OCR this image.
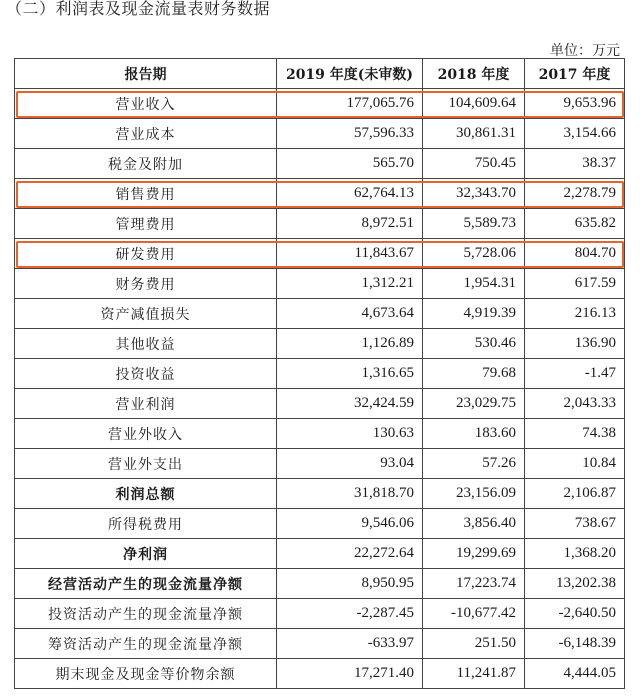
（二）利润表及现金流量表财务数据
单位：万元
报告期	2019 年度(未审数)	2018 年度	2017 年度
营业收入	177,065.76	104,609.64	9,653.96
营业成本	57,596.33	30,861.31	3,154.66
税金及附加	565.70	750.45	38.37
销售费用	62,764.13	32,343.70	2,278.79
管理费用	8,972.51	5,589.73	635.82
研发费用	11,843.67	5,728.06	804.70
财务费用	1,312.21	1,954.31	617.59
资产减值损失	4,673.64	4,919.39	216.13
其他收益	1,126.89	530.46	136.90
投资收益	1,316.65	79.68	-1.47
营业利润	32,424.59	23,029.75	2,043.33
营业外收入	130.63	183.60	74.38
营业外支出	93.04	57.26	10.84
利润总额	31,818.70	23,156.09	2,106.87
所得税费用	9,546.06	3,856.40	738.67
净利润	22,272.64	19,299.69	1,368.20
经营活动产生的现金流量净额	8,950.95	17,223.74	13,202.38
投资活动产生的现金流量净额	-2,287.45	-10,677.42	-2,640.50
筹资活动产生的现金流量净额	-633.97	251.50	-6,148.39
期末现金及现金等价物余额	17,271.40	11,241.87	4,444.05
